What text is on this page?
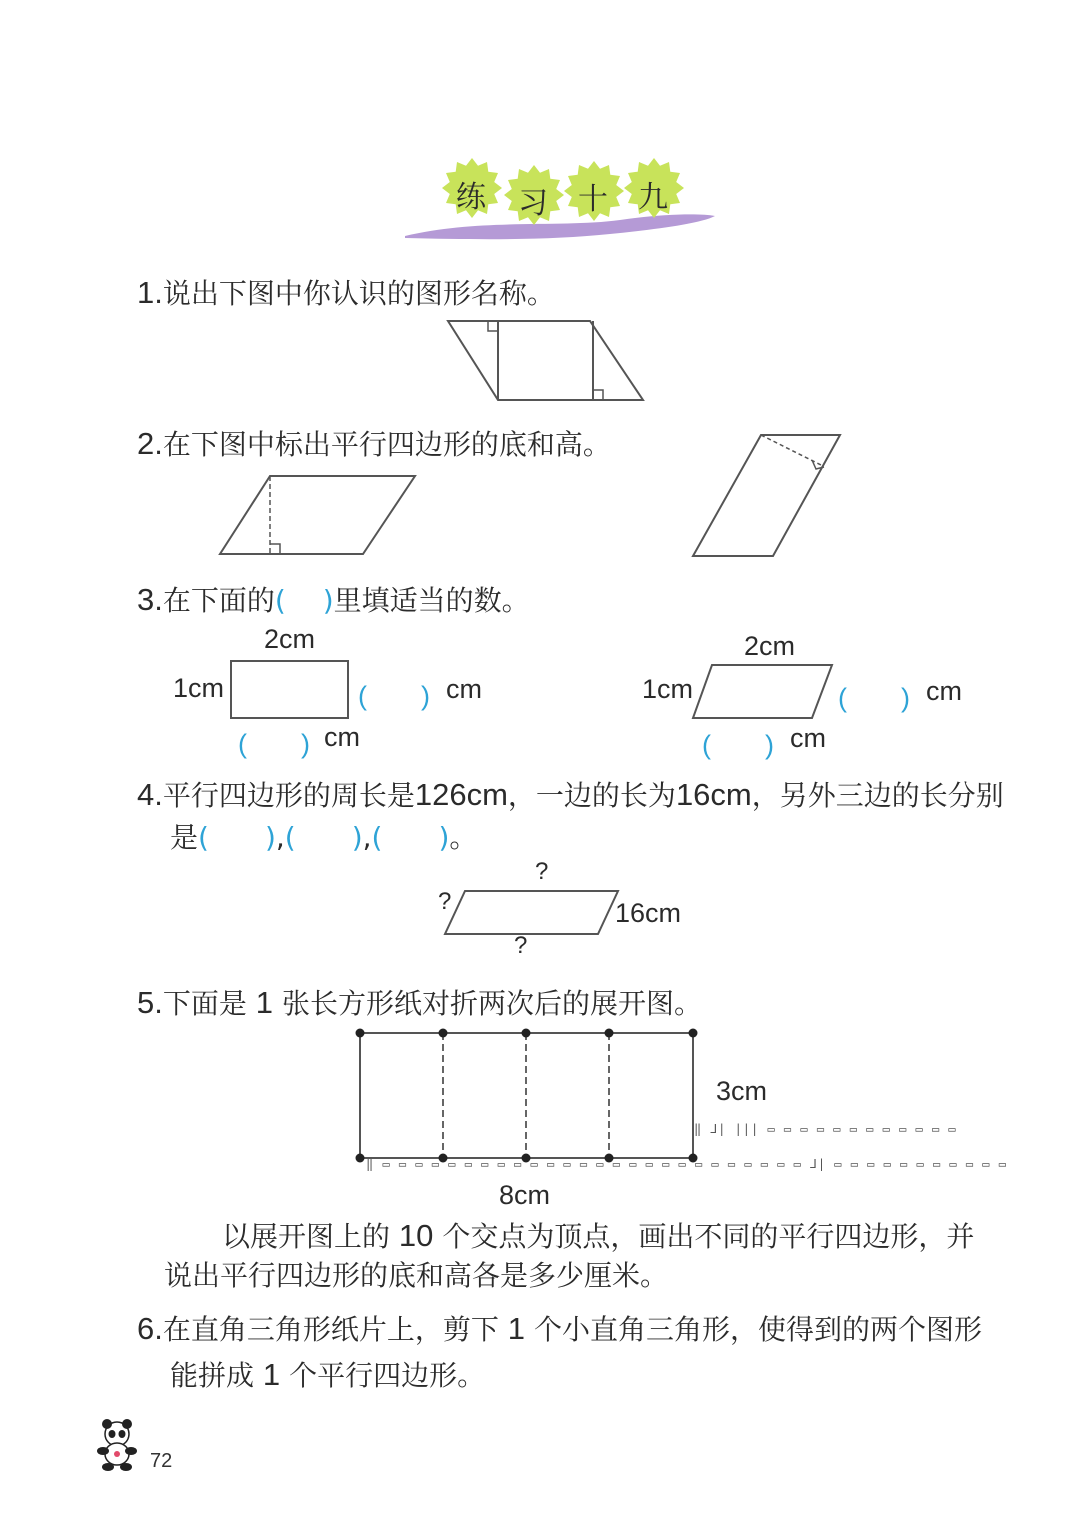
练 习 十 九
1.说出下图中你认识的图形名称。
2.在下图中标出平行四边形的底和高。
3.在下面的(　 )里填适当的数。
2cm
1cm	(　　) cm
(　　) cm
2cm
1cm	(　　) cm
(　　) cm
4.平行四边形的周长是126cm，一边的长为16cm，另外三边的长分别
是(　　),(　　),(　　)。
?
?	16cm
?
5.下面是 1 张长方形纸对折两次后的展开图。
3cm
‖ ⅃| ||| ▭ ▭ ▭ ▭ ▭ ▭ ▭ ▭ ▭ ▭ ▭ ▭
‖ ▭ ▭ ▭ ▭ ▭ ▭ ▭ ▭ ▭ ▭ ▭ ▭ ▭ ▭ ▭ ▭ ▭ ▭ ▭ ▭ ▭ ▭ ▭ ▭ ▭ ▭ ⅃| ▭ ▭ ▭ ▭ ▭ ▭ ▭ ▭ ▭ ▭ ▭
8cm
以展开图上的 10 个交点为顶点，画出不同的平行四边形，并
说出平行四边形的底和高各是多少厘米。
6.在直角三角形纸片上，剪下 1 个小直角三角形，使得到的两个图形
能拼成 1 个平行四边形。
72
